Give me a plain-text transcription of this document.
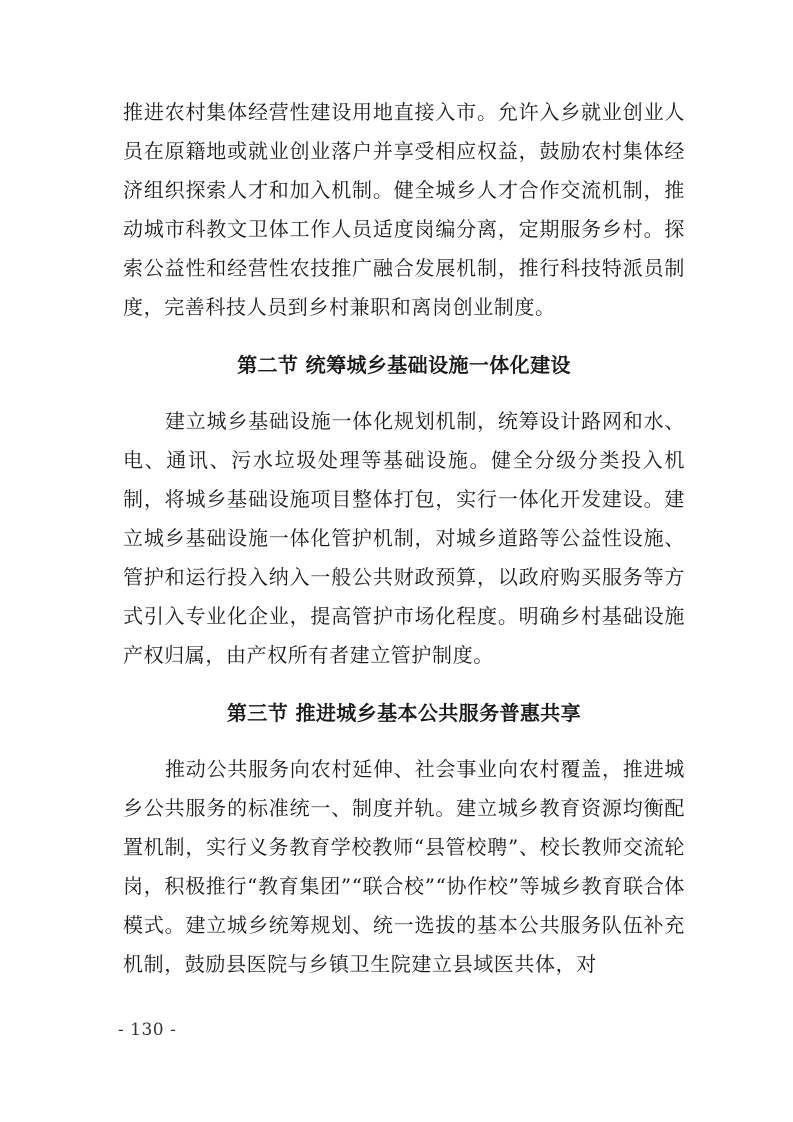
推进农村集体经营性建设用地直接入市。允许入乡就业创业人员在原籍地或就业创业落户并享受相应权益，鼓励农村集体经济组织探索人才和加入机制。健全城乡人才合作交流机制，推动城市科教文卫体工作人员适度岗编分离，定期服务乡村。探索公益性和经营性农技推广融合发展机制，推行科技特派员制度，完善科技人员到乡村兼职和离岗创业制度。

第二节 统筹城乡基础设施一体化建设

建立城乡基础设施一体化规划机制，统筹设计路网和水、电、通讯、污水垃圾处理等基础设施。健全分级分类投入机制，将城乡基础设施项目整体打包，实行一体化开发建设。建立城乡基础设施一体化管护机制，对城乡道路等公益性设施、管护和运行投入纳入一般公共财政预算，以政府购买服务等方式引入专业化企业，提高管护市场化程度。明确乡村基础设施产权归属，由产权所有者建立管护制度。

第三节 推进城乡基本公共服务普惠共享

推动公共服务向农村延伸、社会事业向农村覆盖，推进城乡公共服务的标准统一、制度并轨。建立城乡教育资源均衡配置机制，实行义务教育学校教师“县管校聘”、校长教师交流轮岗，积极推行“教育集团”“联合校”“协作校”等城乡教育联合体模式。建立城乡统筹规划、统一选拔的基本公共服务队伍补充机制，鼓励县医院与乡镇卫生院建立县域医共体，对

- 130 -
